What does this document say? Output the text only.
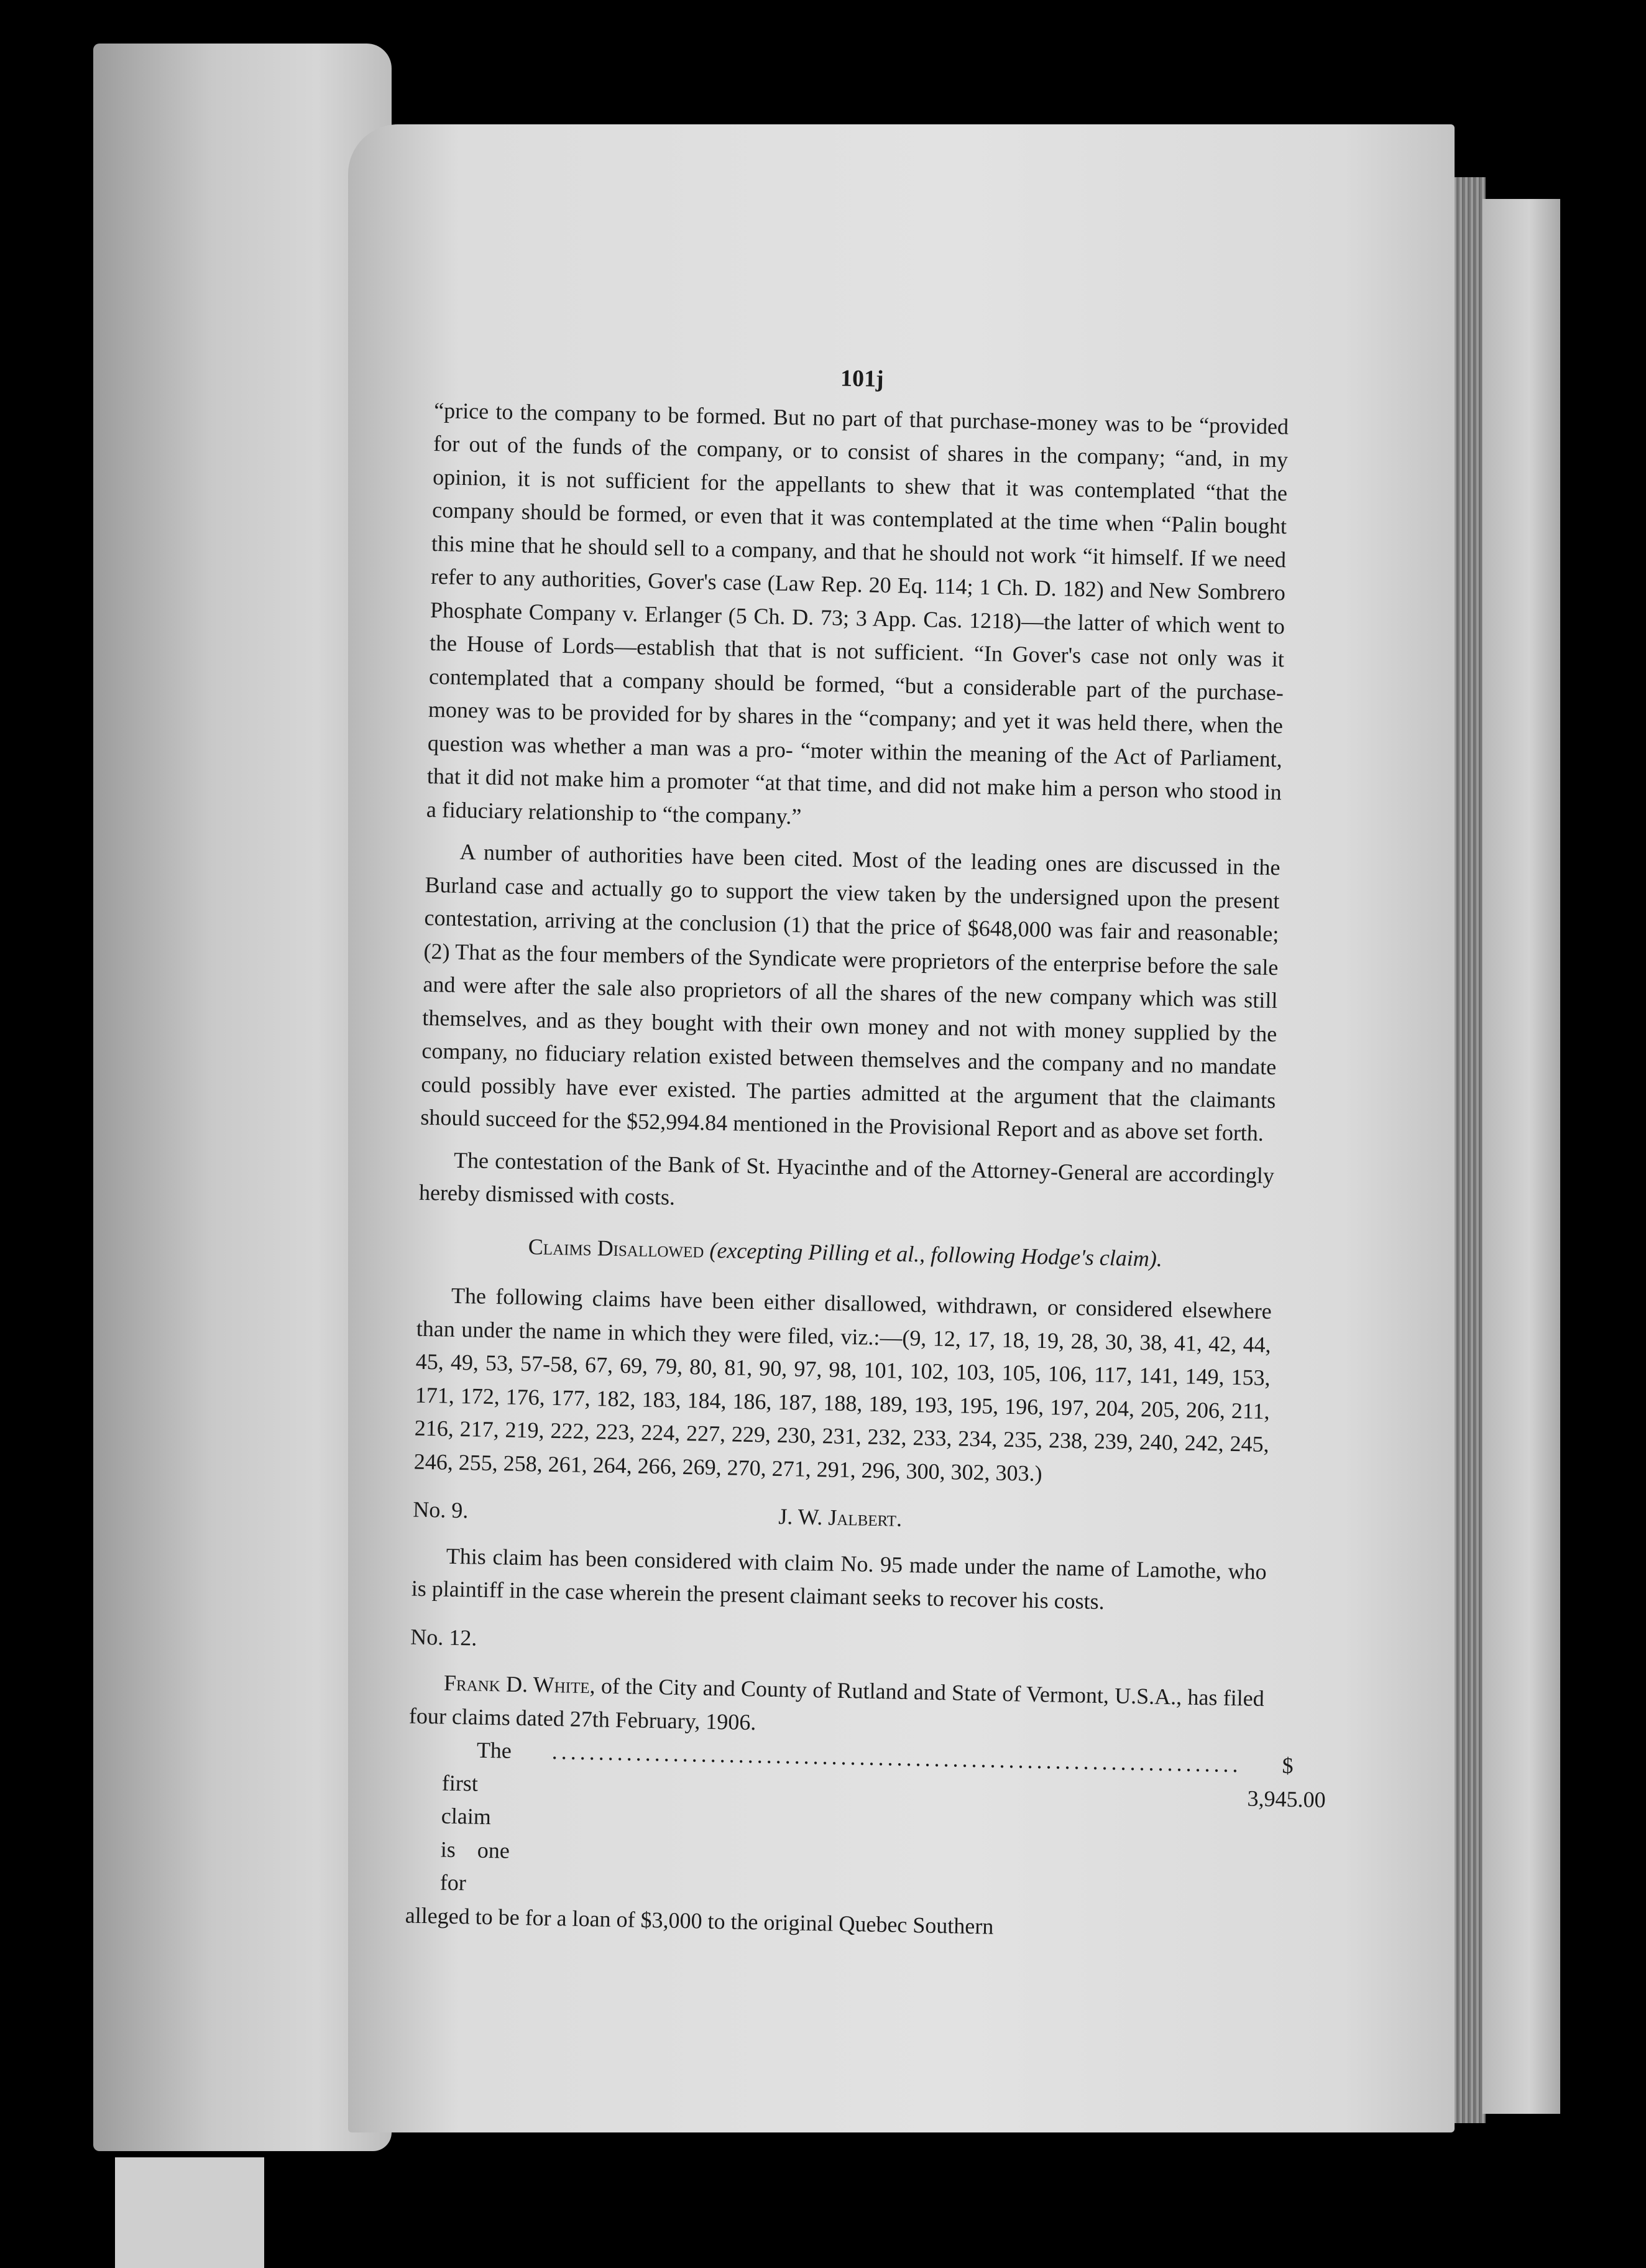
101j

“price to the company to be formed. But no part of that purchase-money was to be “provided for out of the funds of the company, or to consist of shares in the company; “and, in my opinion, it is not sufficient for the appellants to shew that it was contemplated “that the company should be formed, or even that it was contemplated at the time when “Palin bought this mine that he should sell to a company, and that he should not work “it himself. If we need refer to any authorities, Gover's case (Law Rep. 20 Eq. 114; 1 Ch. D. 182) and New Sombrero Phosphate Company v. Erlanger (5 Ch. D. 73; 3 App. Cas. 1218)—the latter of which went to the House of Lords—establish that that is not sufficient. “In Gover's case not only was it contemplated that a company should be formed, “but a considerable part of the purchase-money was to be provided for by shares in the “company; and yet it was held there, when the question was whether a man was a pro- “moter within the meaning of the Act of Parliament, that it did not make him a promoter “at that time, and did not make him a person who stood in a fiduciary relationship to “the company.”

A number of authorities have been cited. Most of the leading ones are discussed in the Burland case and actually go to support the view taken by the undersigned upon the present contestation, arriving at the conclusion (1) that the price of $648,000 was fair and reasonable; (2) That as the four members of the Syndicate were proprietors of the enterprise before the sale and were after the sale also proprietors of all the shares of the new company which was still themselves, and as they bought with their own money and not with money supplied by the company, no fiduciary relation existed between themselves and the company and no mandate could possibly have ever existed. The parties admitted at the argument that the claimants should succeed for the $52,994.84 mentioned in the Provisional Report and as above set forth.

The contestation of the Bank of St. Hyacinthe and of the Attorney-General are accordingly hereby dismissed with costs.

Claims Disallowed (excepting Pilling et al., following Hodge's claim).

The following claims have been either disallowed, withdrawn, or considered elsewhere than under the name in which they were filed, viz.:—(9, 12, 17, 18, 19, 28, 30, 38, 41, 42, 44, 45, 49, 53, 57-58, 67, 69, 79, 80, 81, 90, 97, 98, 101, 102, 103, 105, 106, 117, 141, 149, 153, 171, 172, 176, 177, 182, 183, 184, 186, 187, 188, 189, 193, 195, 196, 197, 204, 205, 206, 211, 216, 217, 219, 222, 223, 224, 227, 229, 230, 231, 232, 233, 234, 235, 238, 239, 240, 242, 245, 246, 255, 258, 261, 264, 266, 269, 270, 271, 291, 296, 300, 302, 303.)

No. 9.	J. W. Jalbert.

This claim has been considered with claim No. 95 made under the name of Lamothe, who is plaintiff in the case wherein the present claimant seeks to recover his costs.

No. 12.

Frank D. White, of the City and County of Rutland and State of Vermont, U.S.A., has filed four claims dated 27th February, 1906.

The first claim is one for
..........................................................................	$ 3,945.00

alleged to be for a loan of $3,000 to the original Quebec Southern
